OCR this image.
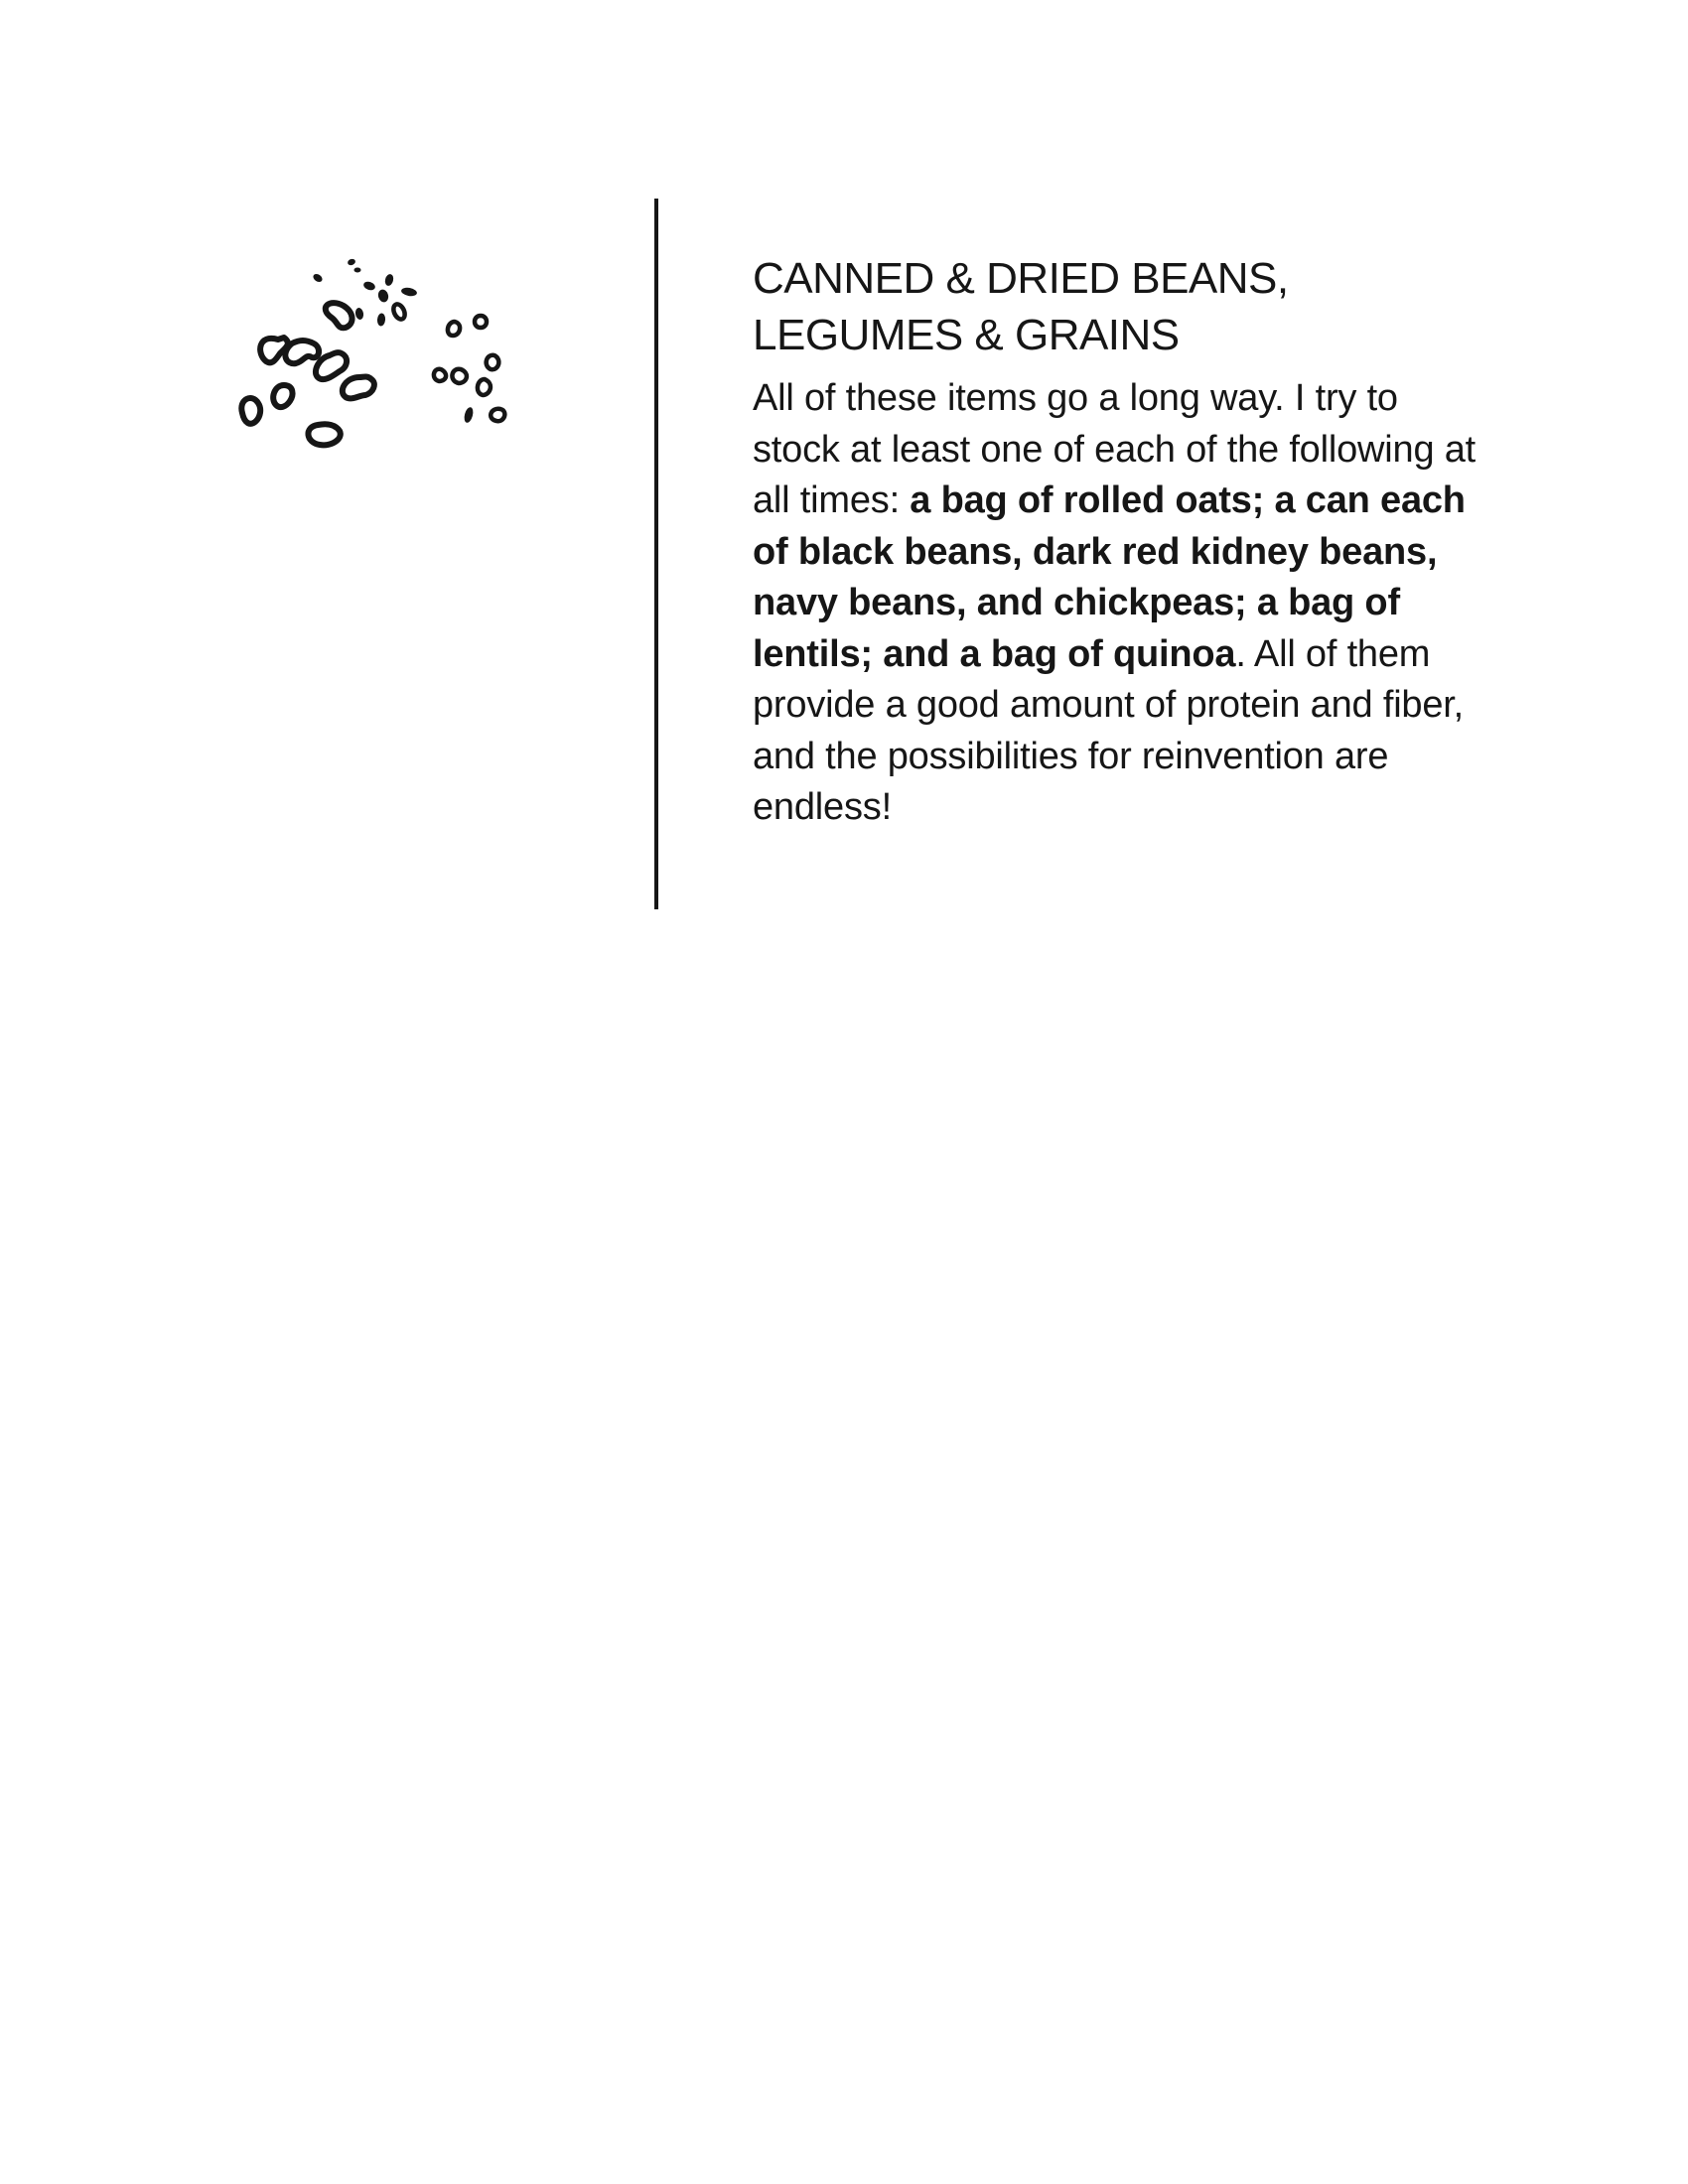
CANNED & DRIED BEANS,
LEGUMES & GRAINS

All of these items go a long way. I try to stock at least one of each of the following at all times: a bag of rolled oats; a can each of black beans, dark red kidney beans, navy beans, and chickpeas; a bag of lentils; and a bag of quinoa. All of them provide a good amount of protein and fiber, and the possibilities for reinvention are endless!
